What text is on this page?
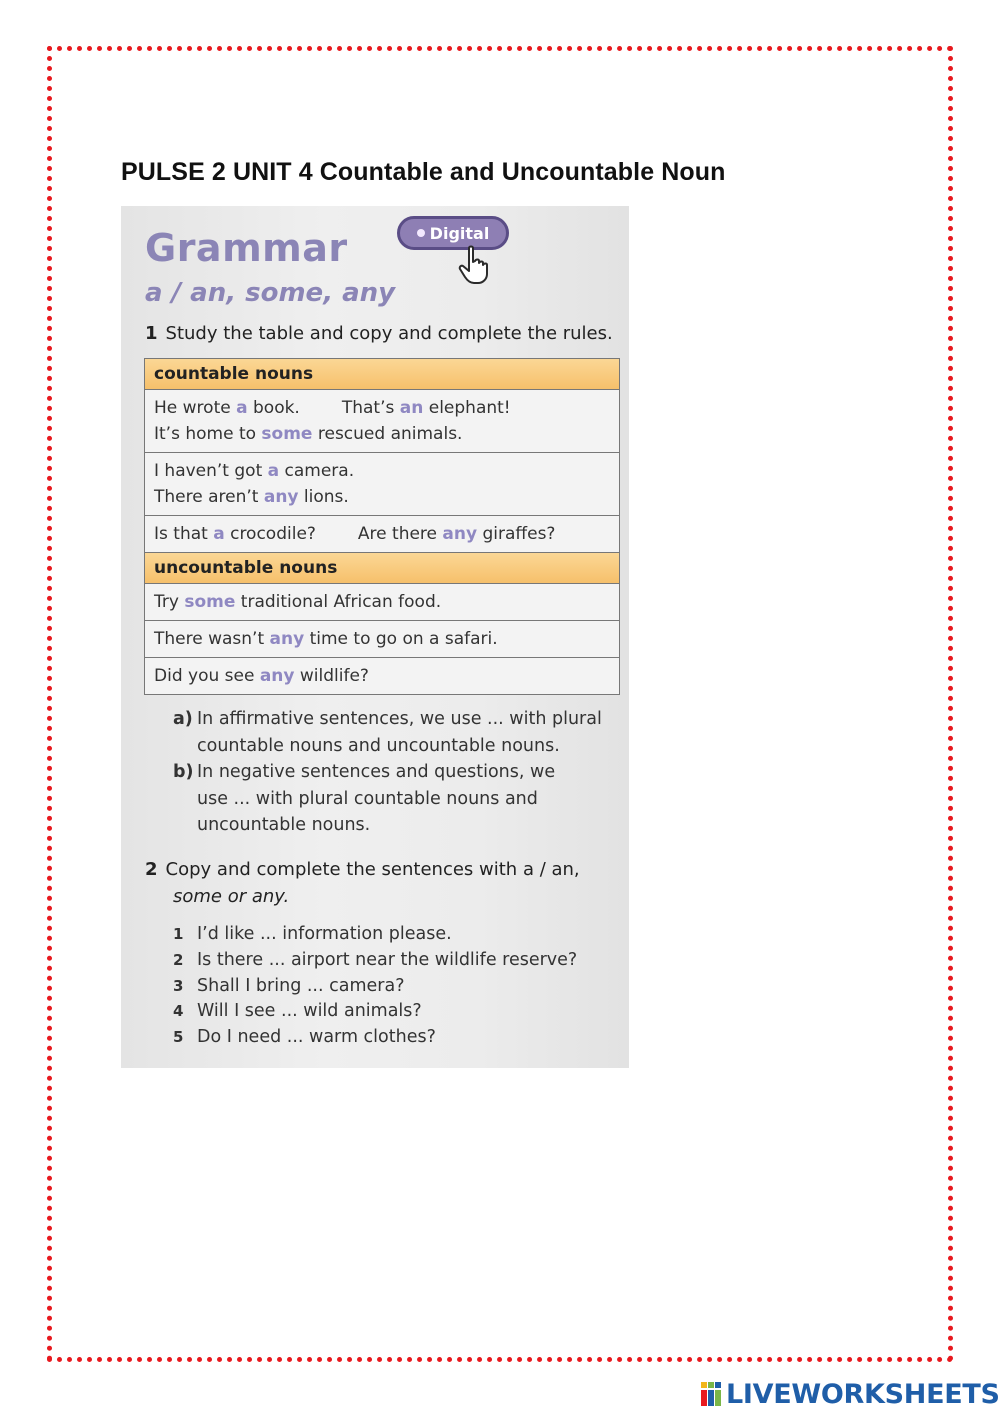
PULSE 2 UNIT 4 Countable and Uncountable Noun
Grammar	Digital
a / an, some, any
1 Study the table and copy and complete the rules.
countable nouns
He wrote a book. That’s an elephant!
It’s home to some rescued animals.
I haven’t got a camera.
There aren’t any lions.
Is that a crocodile? Are there any giraffes?
uncountable nouns
Try some traditional African food.
There wasn’t any time to go on a safari.
Did you see any wildlife?
a) In affirmative sentences, we use ... with plural
countable nouns and uncountable nouns.
b) In negative sentences and questions, we
use ... with plural countable nouns and
uncountable nouns.
2 Copy and complete the sentences with a / an,
some or any.
1 I’d like ... information please.
2 Is there ... airport near the wildlife reserve?
3 Shall I bring ... camera?
4 Will I see ... wild animals?
5 Do I need ... warm clothes?
LIVEWORKSHEETS
